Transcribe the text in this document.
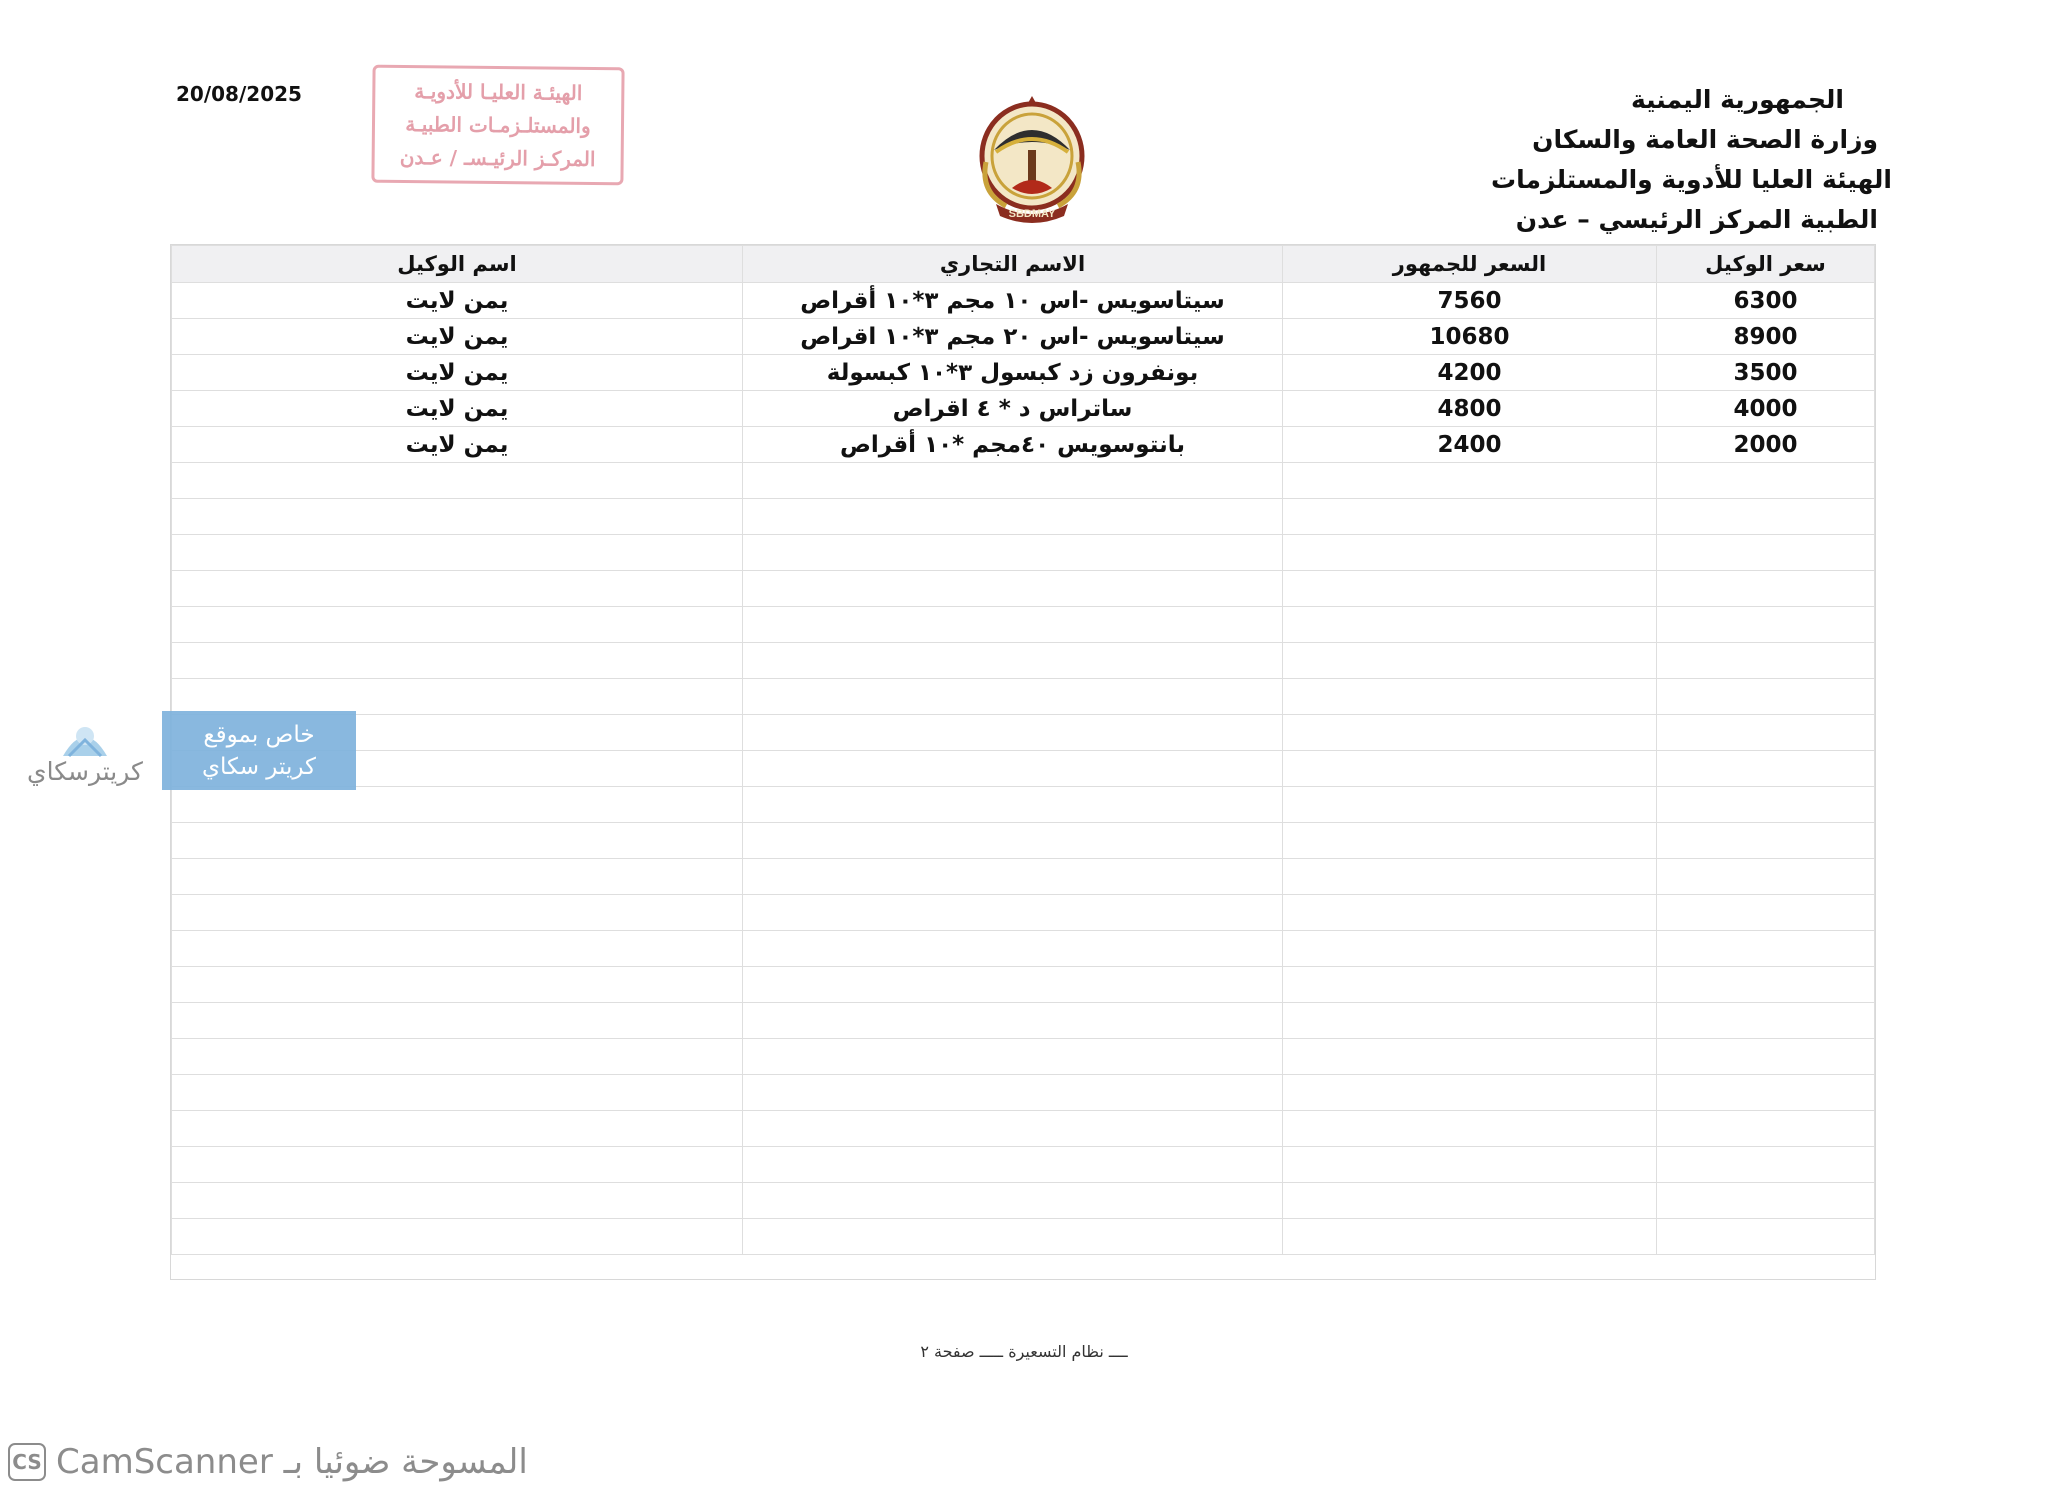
20/08/2025	الهيئـة العليـا للأدويـة
والمستلـزمـات الطبيـة
المركـز الرئيـسـ / عـدن
SBDMAY
الجمهورية اليمنية
وزارة الصحة العامة والسكان
الهيئة العليا للأدوية والمستلزمات
الطبية المركز الرئيسي – عدن
سعر الوكيل	السعر للجمهور	الاسم التجاري	اسم الوكيل
6300	7560	سيتاسويس -اس ١٠ مجم ٣*١٠ أقراص	يمن لايت
8900	10680	سيتاسويس -اس ٢٠ مجم ٣*١٠ اقراص	يمن لايت
3500	4200	بونفرون زد كبسول ٣*١٠ كبسولة	يمن لايت
4000	4800	ساتراس د * ٤ اقراص	يمن لايت
2000	2400	بانتوسويس ٤٠مجم *١٠ أقراص	يمن لايت

كريترسكاي
خاص بموقع
كريتر سكاي
ــــ نظام التسعيرة ـــــ صفحة ٢
CS المسوحة ضوئيا بـ CamScanner
